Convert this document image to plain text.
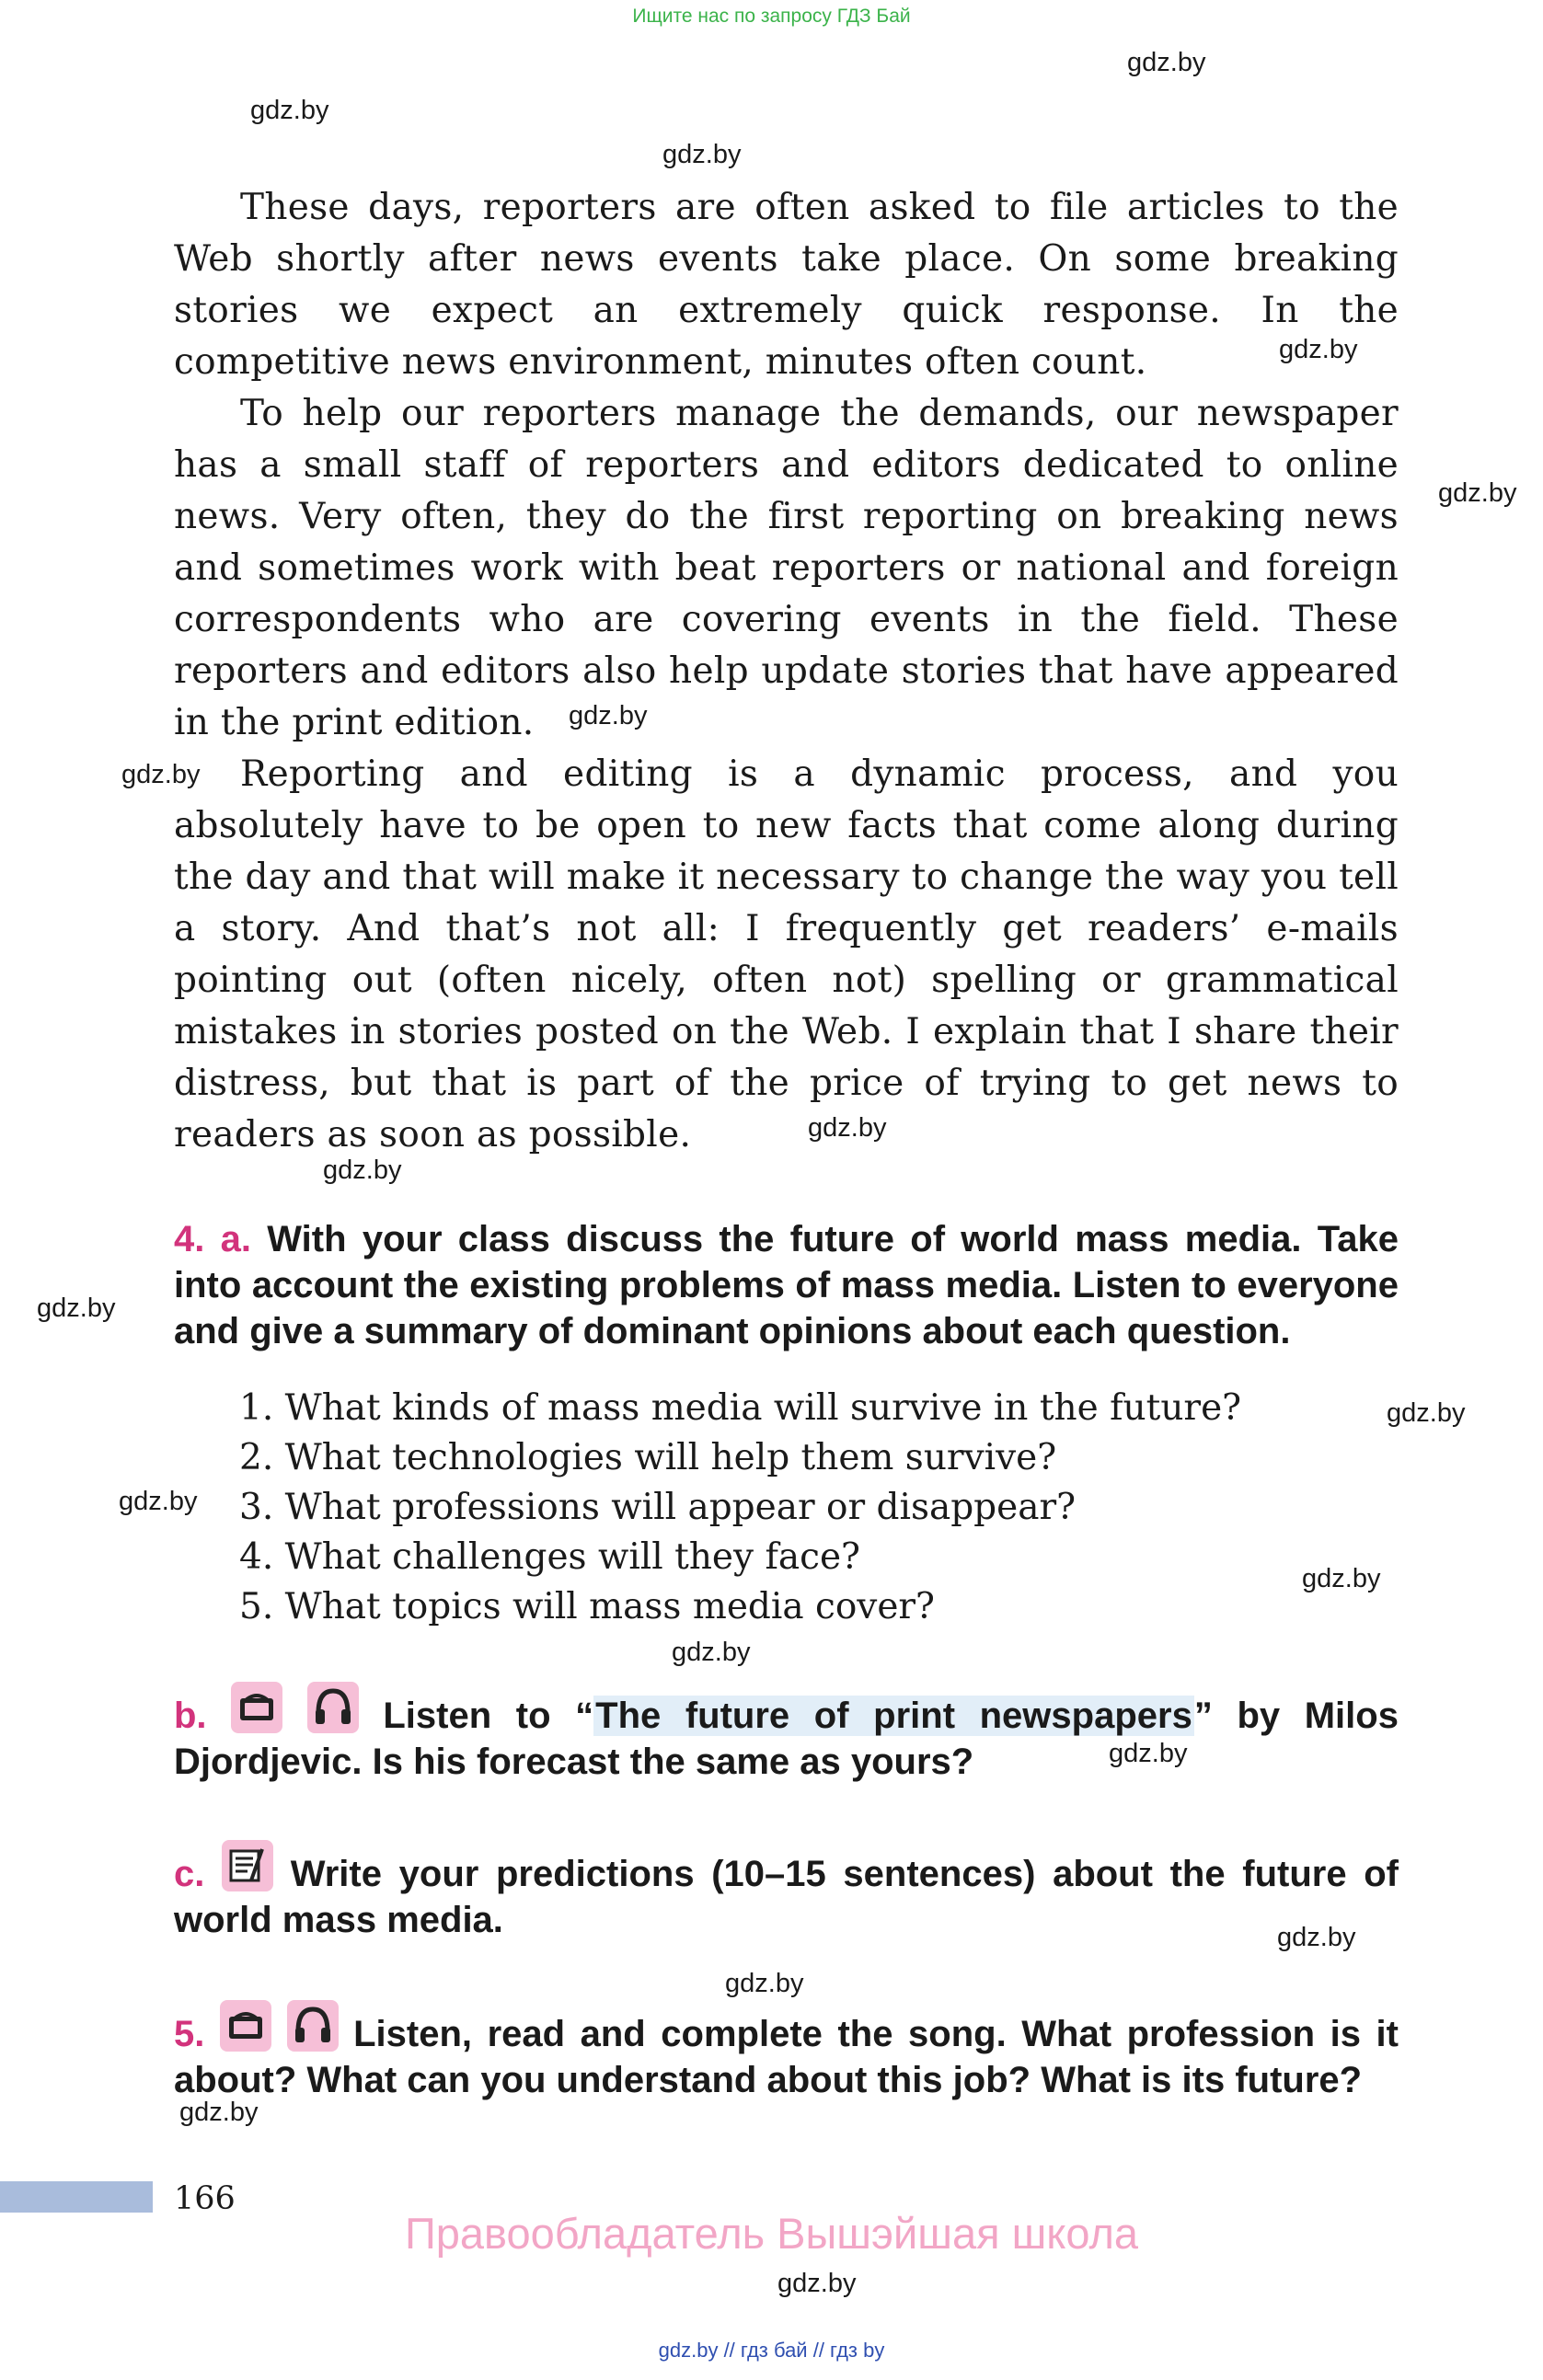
Ищите нас по запросу ГДЗ Бай
gdz.by
gdz.by
gdz.by
gdz.by
gdz.by
gdz.by
gdz.by
gdz.by
gdz.by
gdz.by
gdz.by
gdz.by
gdz.by
gdz.by
gdz.by
gdz.by
gdz.by
gdz.by
gdz.by

These days, reporters are often asked to file articles to the Web shortly after news events take place. On some breaking stories we expect an extremely quick response. In the competitive news environment, minutes often count.

To help our reporters manage the demands, our newspaper has a small staff of reporters and editors dedicated to online news. Very often, they do the first reporting on breaking news and sometimes work with beat reporters or national and foreign correspondents who are covering events in the field. These reporters and editors also help update stories that have appeared in the print edition.

Reporting and editing is a dynamic process, and you absolutely have to be open to new facts that come along during the day and that will make it necessary to change the way you tell a story. And that’s not all: I frequently get readers’ e-mails pointing out (often nicely, often not) spelling or grammatical mistakes in stories posted on the Web. I explain that I share their distress, but that is part of the price of trying to get news to readers as soon as possible.

4. a. With your class discuss the future of world mass media. Take into account the existing problems of mass media. Listen to everyone and give a summary of dominant opinions about each question.
1. What kinds of mass media will survive in the future?
2. What technologies will help them survive?
3. What professions will appear or disappear?
4. What challenges will they face?
5. What topics will mass media cover?
b.
	Listen to “The future of print newspapers” by Milos Djordjevic. Is his forecast the same as yours?
c. Write your predictions (10–15 sentences) about the future of world mass media.
5.
	Listen, read and complete the song. What profession is it about? What can you understand about this job? What is its future?
166
Правообладатель Вышэйшая школа
gdz.by // гдз бай // гдз by
